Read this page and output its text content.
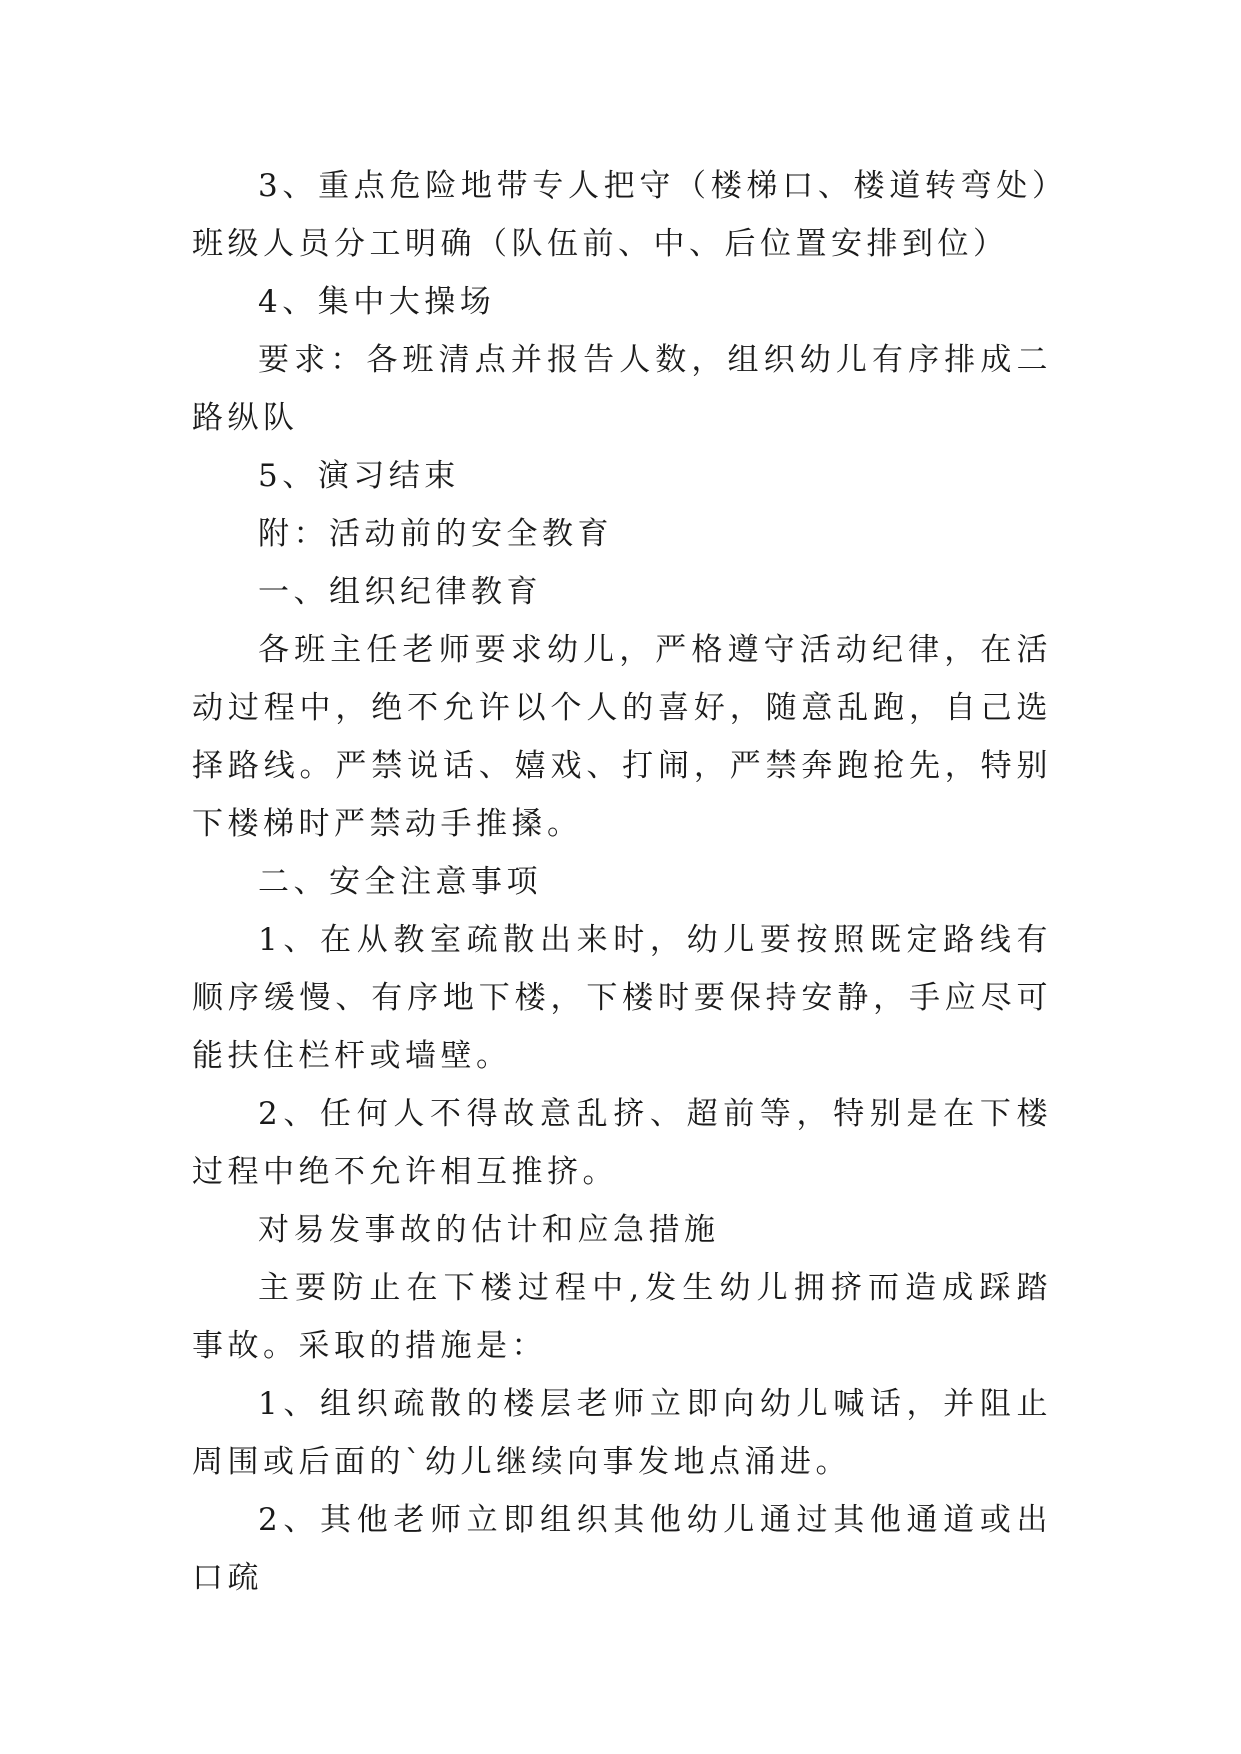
3、重点危险地带专人把守（楼梯口、楼道转弯处）班级人员分工明确（队伍前、中、后位置安排到位）

4、集中大操场

要求：各班清点并报告人数，组织幼儿有序排成二路纵队

5、演习结束

附：活动前的安全教育

一、组织纪律教育

各班主任老师要求幼儿，严格遵守活动纪律，在活动过程中，绝不允许以个人的喜好，随意乱跑，自己选择路线。严禁说话、嬉戏、打闹，严禁奔跑抢先，特别下楼梯时严禁动手推搡。

二、安全注意事项

1、在从教室疏散出来时，幼儿要按照既定路线有顺序缓慢、有序地下楼，下楼时要保持安静，手应尽可能扶住栏杆或墙壁。

2、任何人不得故意乱挤、超前等，特别是在下楼过程中绝不允许相互推挤。

对易发事故的估计和应急措施

主要防止在下楼过程中,发生幼儿拥挤而造成踩踏事故。采取的措施是：

1、组织疏散的楼层老师立即向幼儿喊话，并阻止周围或后面的`幼儿继续向事发地点涌进。

2、其他老师立即组织其他幼儿通过其他通道或出口疏
